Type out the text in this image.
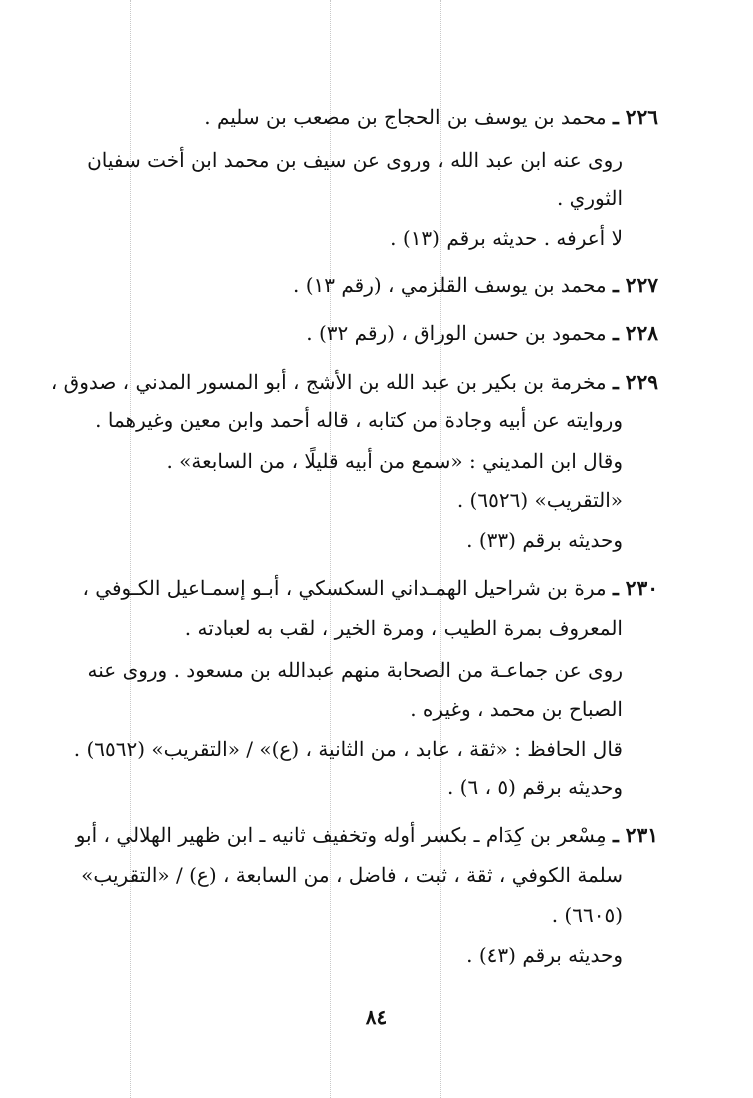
٢٢٦ ـ محمد بن يوسف بن الحجاج بن مصعب بن سليم .
روى عنه ابن عبد الله ، وروى عن سيف بن محمد ابن أخت سفيان
الثوري .
لا أعرفه . حديثه برقم (١٣) .
٢٢٧ ـ محمد بن يوسف القلزمي ، (رقم ١٣) .
٢٢٨ ـ محمود بن حسن الوراق ، (رقم ٣٢) .
٢٢٩ ـ مخرمة بن بكير بن عبد الله بن الأشج ، أبو المسور المدني ، صدوق ،
وروايته عن أبيه وجادة من كتابه ، قاله أحمد وابن معين وغيرهما .
وقال ابن المديني : «سمع من أبيه قليلًا ، من السابعة» .
«التقريب» (٦٥٢٦) .
وحديثه برقم (٣٣) .
٢٣٠ ـ مرة بن شراحيل الهمـداني السكسكي ، أبـو إسمـاعيل الكـوفي ،
المعروف بمرة الطيب ، ومرة الخير ، لقب به لعبادته .
روى عن جماعـة من الصحابة منهم عبدالله بن مسعود . وروى عنه
الصباح بن محمد ، وغيره .
قال الحافظ : «ثقة ، عابد ، من الثانية ، (ع)» / «التقريب» (٦٥٦٢) .
وحديثه برقم (٥ ، ٦) .
٢٣١ ـ مِسْعر بن كِدَام ـ بكسر أوله وتخفيف ثانيه ـ ابن ظهير الهلالي ، أبو
سلمة الكوفي ، ثقة ، ثبت ، فاضل ، من السابعة ، (ع) / «التقريب»
(٦٦٠٥) .
وحديثه برقم (٤٣) .
٨٤
